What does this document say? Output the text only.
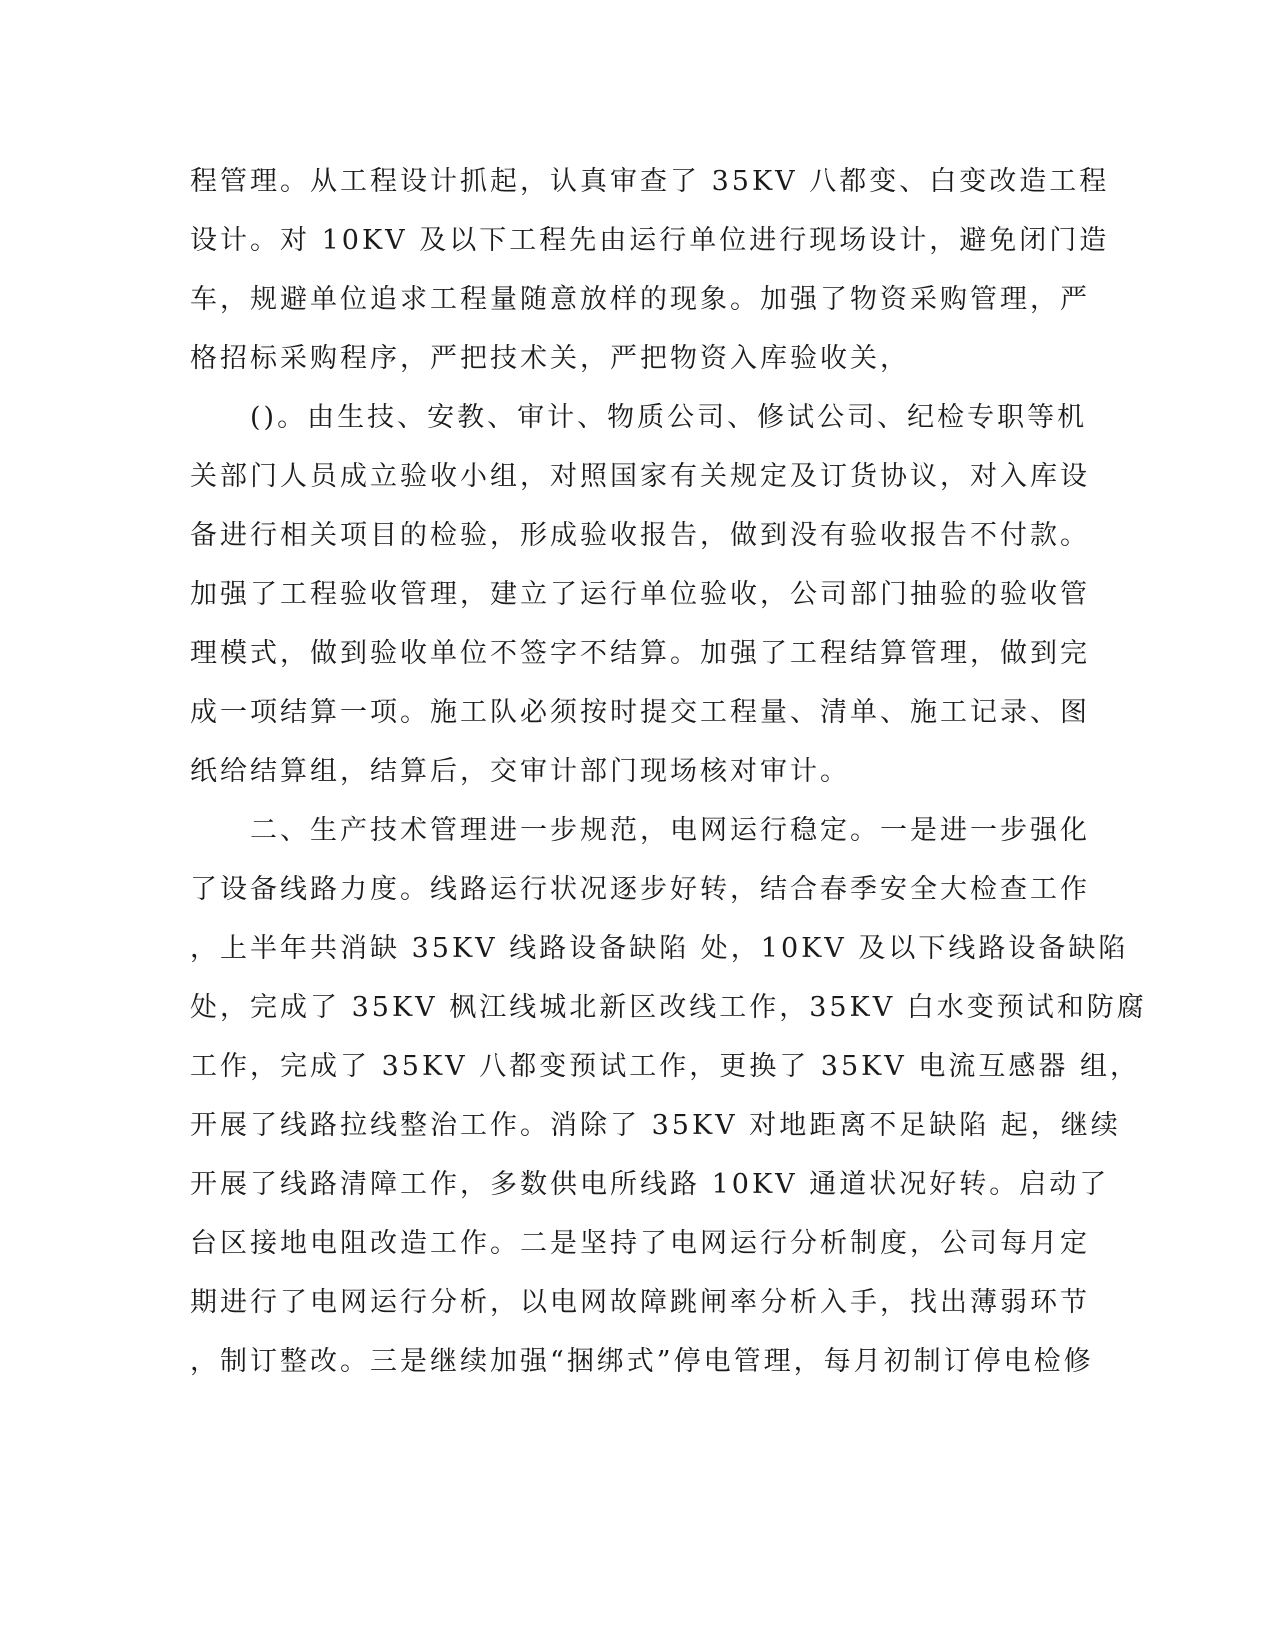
程管理。从工程设计抓起，认真审查了 35KV 八都变、白变改造工程
设计。对 10KV 及以下工程先由运行单位进行现场设计，避免闭门造
车，规避单位追求工程量随意放样的现象。加强了物资采购管理，严
格招标采购程序，严把技术关，严把物资入库验收关，
()。由生技、安教、审计、物质公司、修试公司、纪检专职等机
关部门人员成立验收小组，对照国家有关规定及订货协议，对入库设
备进行相关项目的检验，形成验收报告，做到没有验收报告不付款。
加强了工程验收管理，建立了运行单位验收，公司部门抽验的验收管
理模式，做到验收单位不签字不结算。加强了工程结算管理，做到完
成一项结算一项。施工队必须按时提交工程量、清单、施工记录、图
纸给结算组，结算后，交审计部门现场核对审计。
二、生产技术管理进一步规范，电网运行稳定。一是进一步强化
了设备线路力度。线路运行状况逐步好转，结合春季安全大检查工作
，上半年共消缺 35KV 线路设备缺陷 处，10KV 及以下线路设备缺陷
处，完成了 35KV 枫江线城北新区改线工作，35KV 白水变预试和防腐
工作，完成了 35KV 八都变预试工作，更换了 35KV 电流互感器 组，
开展了线路拉线整治工作。消除了 35KV 对地距离不足缺陷 起，继续
开展了线路清障工作，多数供电所线路 10KV 通道状况好转。启动了
台区接地电阻改造工作。二是坚持了电网运行分析制度，公司每月定
期进行了电网运行分析，以电网故障跳闸率分析入手，找出薄弱环节
，制订整改。三是继续加强“捆绑式”停电管理，每月初制订停电检修
